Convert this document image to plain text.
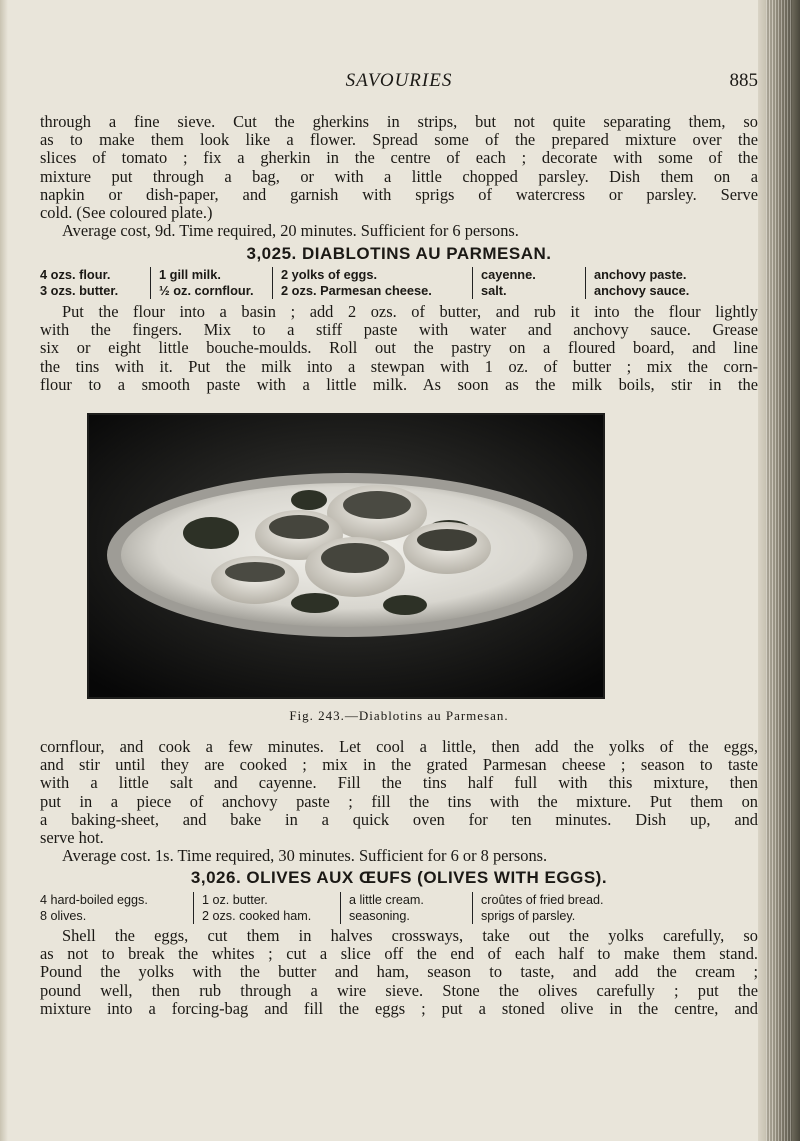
SAVOURIES	885
through a fine sieve. Cut the gherkins in strips, but not quite separating them, so
as to make them look like a flower. Spread some of the prepared mixture over the
slices of tomato ; fix a gherkin in the centre of each ; decorate with some of the
mixture put through a bag, or with a little chopped parsley. Dish them on a
napkin or dish-paper, and garnish with sprigs of watercress or parsley. Serve
cold. (See coloured plate.)
Average cost, 9d. Time required, 20 minutes. Sufficient for 6 persons.
3,025. DIABLOTINS AU PARMESAN.
4 ozs. flour.
3 ozs. butter.
1 gill milk.
½ oz. cornflour.
2 yolks of eggs.
2 ozs. Parmesan cheese.
cayenne.
salt.
anchovy paste.
anchovy sauce.
Put the flour into a basin ; add 2 ozs. of butter, and rub it into the flour lightly
with the fingers. Mix to a stiff paste with water and anchovy sauce. Grease
six or eight little bouche-moulds. Roll out the pastry on a floured board, and line
the tins with it. Put the milk into a stewpan with 1 oz. of butter ; mix the corn-
flour to a smooth paste with a little milk. As soon as the milk boils, stir in the
Fig. 243.—Diablotins au Parmesan.
cornflour, and cook a few minutes. Let cool a little, then add the yolks of the eggs,
and stir until they are cooked ; mix in the grated Parmesan cheese ; season to taste
with a little salt and cayenne. Fill the tins half full with this mixture, then
put in a piece of anchovy paste ; fill the tins with the mixture. Put them on
a baking-sheet, and bake in a quick oven for ten minutes. Dish up, and
serve hot.
Average cost. 1s. Time required, 30 minutes. Sufficient for 6 or 8 persons.
3,026. OLIVES AUX ŒUFS (OLIVES WITH EGGS).
4 hard-boiled eggs.
8 olives.
1 oz. butter.
2 ozs. cooked ham.
a little cream.
seasoning.
croûtes of fried bread.
sprigs of parsley.
Shell the eggs, cut them in halves crossways, take out the yolks carefully, so
as not to break the whites ; cut a slice off the end of each half to make them stand.
Pound the yolks with the butter and ham, season to taste, and add the cream ;
pound well, then rub through a wire sieve. Stone the olives carefully ; put the
mixture into a forcing-bag and fill the eggs ; put a stoned olive in the centre, and
